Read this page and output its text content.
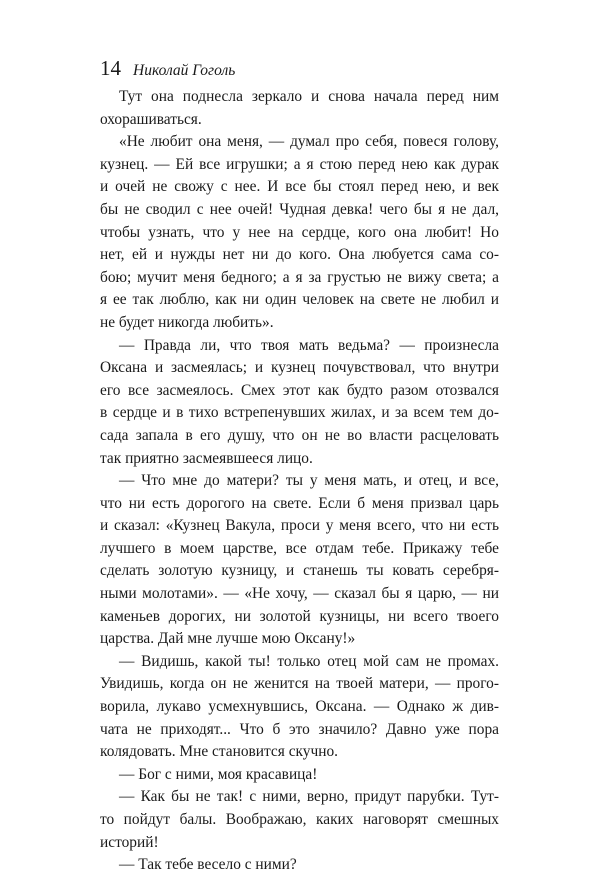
14 Николай Гоголь
Тут она поднесла зеркало и снова начала перед ним
охорашиваться.
«Не любит она меня, — думал про себя, повеся голову,
кузнец. — Ей все игрушки; а я стою перед нею как дурак
и очей не свожу с нее. И все бы стоял перед нею, и век
бы не сводил с нее очей! Чудная девка! чего бы я не дал,
чтобы узнать, что у нее на сердце, кого она любит! Но
нет, ей и нужды нет ни до кого. Она любуется сама со-
бою; мучит меня бедного; а я за грустью не вижу света; а
я ее так люблю, как ни один человек на свете не любил и
не будет никогда любить».
— Правда ли, что твоя мать ведьма? — произнесла
Оксана и засмеялась; и кузнец почувствовал, что внутри
его все засмеялось. Смех этот как будто разом отозвался
в сердце и в тихо встрепенувших жилах, и за всем тем до-
сада запала в его душу, что он не во власти расцеловать
так приятно засмеявшееся лицо.
— Что мне до матери? ты у меня мать, и отец, и все,
что ни есть дорогого на свете. Если б меня призвал царь
и сказал: «Кузнец Вакула, проси у меня всего, что ни есть
лучшего в моем царстве, все отдам тебе. Прикажу тебе
сделать золотую кузницу, и станешь ты ковать серебря-
ными молотами». — «Не хочу, — сказал бы я царю, — ни
каменьев дорогих, ни золотой кузницы, ни всего твоего
царства. Дай мне лучше мою Оксану!»
— Видишь, какой ты! только отец мой сам не промах.
Увидишь, когда он не женится на твоей матери, — прого-
ворила, лукаво усмехнувшись, Оксана. — Однако ж див-
чата не приходят... Что б это значило? Давно уже пора
колядовать. Мне становится скучно.
— Бог с ними, моя красавица!
— Как бы не так! с ними, верно, придут парубки. Тут-
то пойдут балы. Воображаю, каких наговорят смешных
историй!
— Так тебе весело с ними?
